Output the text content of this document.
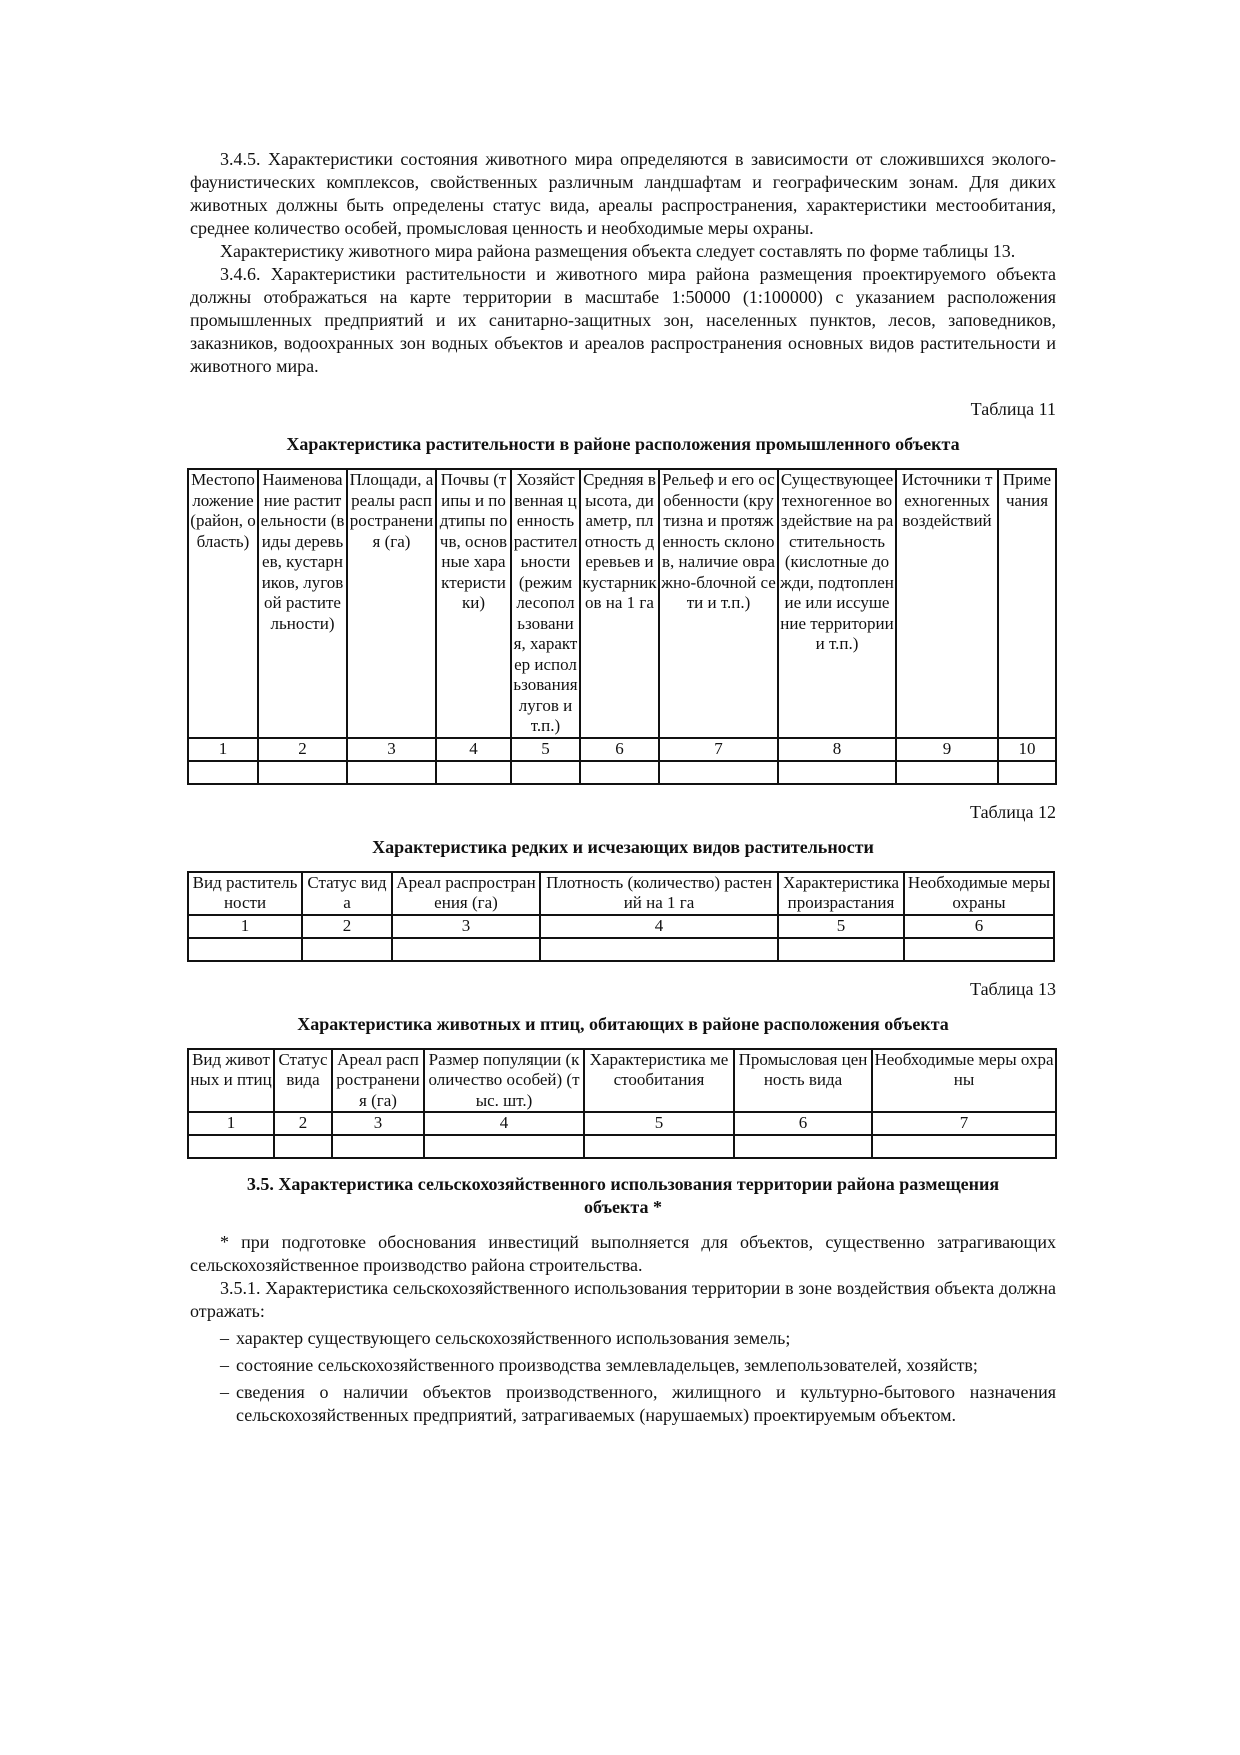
3.4.5. Характеристики состояния животного мира определяются в зависимости от сложившихся эколого-фаунистических комплексов, свойственных различным ландшафтам и географическим зонам. Для диких животных должны быть определены статус вида, ареалы распространения, характеристики местообитания, среднее количество особей, промысловая ценность и необходимые меры охраны.

Характеристику животного мира района размещения объекта следует составлять по форме таблицы 13.

3.4.6. Характеристики растительности и животного мира района размещения проектируемого объекта должны отображаться на карте территории в масштабе 1:50000 (1:100000) с указанием расположения промышленных предприятий и их санитарно-защитных зон, населенных пунктов, лесов, заповедников, заказников, водоохранных зон водных объектов и ареалов распространения основных видов растительности и животного мира.

Таблица 11
Характеристика растительности в районе расположения промышленного объекта
Местоположение (район, область)	Наименование растительности (виды деревьев, кустарников, луговой растительности)	Площади, ареалы распространения (га)	Почвы (типы и подтипы почв, основные характеристики)	Хозяйственная ценность растительности (режим лесопользования, характер использования лугов и т.п.)	Средняя высота, диаметр, плотность деревьев и кустарников на 1 га	Рельеф и его особенности (крутизна и протяженность склонов, наличие овражно-блочной сети и т.п.)	Существующее техногенное воздействие на растительность (кислотные дожди, подтопление или иссушение территории и т.п.)	Источники техногенных воздействий	Примечания
1	2	3	4	5	6	7	8	9	10

Таблица 12
Характеристика редких и исчезающих видов растительности
Вид растительности	Статус вида	Ареал распространения (га)	Плотность (количество) растений на 1 га	Характеристика произрастания	Необходимые меры охраны
1	2	3	4	5	6

Таблица 13
Характеристика животных и птиц, обитающих в районе расположения объекта
Вид животных и птиц	Статус вида	Ареал распространения (га)	Размер популяции (количество особей) (тыс. шт.)	Характеристика местообитания	Промысловая ценность вида	Необходимые меры охраны
1	2	3	4	5	6	7

3.5. Характеристика сельскохозяйственного использования территории района размещения объекта *

* при подготовке обоснования инвестиций выполняется для объектов, существенно затрагивающих сельскохозяйственное производство района строительства.

3.5.1. Характеристика сельскохозяйственного использования территории в зоне воздействия объекта должна отражать:

– характер существующего сельскохозяйственного использования земель;
– состояние сельскохозяйственного производства землевладельцев, землепользователей, хозяйств;
– сведения о наличии объектов производственного, жилищного и культурно-бытового назначения сельскохозяйственных предприятий, затрагиваемых (нарушаемых) проектируемым объектом.
